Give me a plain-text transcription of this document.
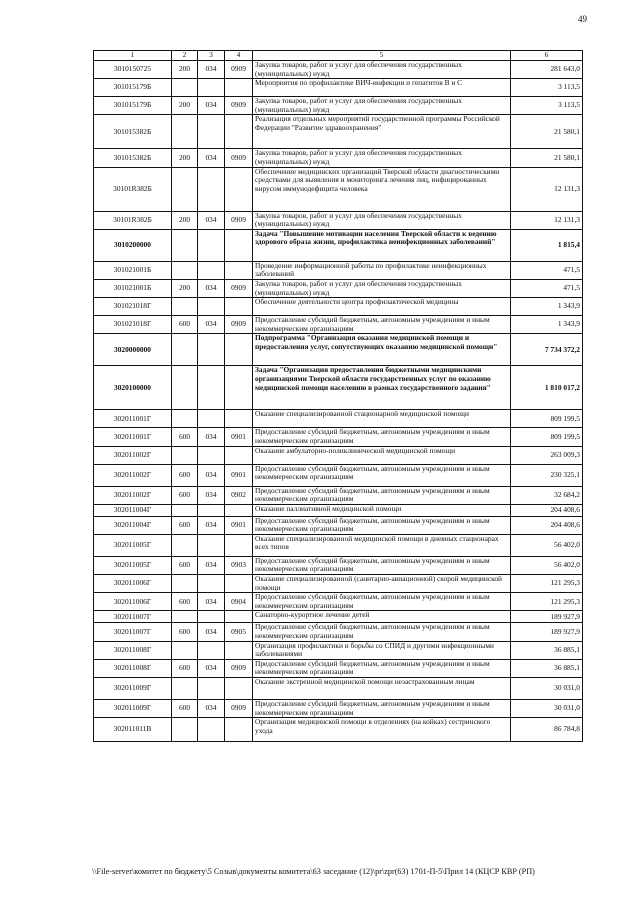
49
1	2	3	4	5	6
3010150725	200	034	0909	Закупка товаров, работ и услуг для обеспечения государственных (муниципальных) нужд	281 643,0
301015179Б				Мероприятия по профилактике ВИЧ-инфекции и гепатитов В и С	3 113,5
301015179Б	200	034	0909	Закупка товаров, работ и услуг для обеспечения государственных (муниципальных) нужд	3 113,5
301015382Б				Реализация отдельных мероприятий государственной программы Российской Федерации "Развитие здравоохранения"	21 580,1
301015382Б	200	034	0909	Закупка товаров, работ и услуг для обеспечения государственных (муниципальных) нужд	21 580,1
30101R382Б				Обеспечение медицинских организаций Тверской области диагностическими средствами для выявления и мониторинга лечения лиц, инфицированных вирусом иммунодефицита человека	12 131,3
30101R382Б	200	034	0909	Закупка товаров, работ и услуг для обеспечения государственных (муниципальных) нужд	12 131,3
3010200000				Задача "Повышение мотивации населения Тверской области к ведению здорового образа жизни, профилактика неинфекционных заболеваний"	1 815,4
301021001Б				Проведение информационной работы по профилактике неинфекционных заболеваний	471,5
301021001Б	200	034	0909	Закупка товаров, работ и услуг для обеспечения государственных (муниципальных) нужд	471,5
301021018Г				Обеспечение деятельности центра профилактической медицины	1 343,9
301021018Г	600	034	0909	Предоставление субсидий бюджетным, автономным учреждениям и иным некоммерческим организациям	1 343,9
3020000000				Подпрограмма "Организация оказания медицинской помощи и предоставления услуг, сопутствующих оказанию медицинской помощи"	7 734 372,2
3020100000				Задача "Организация предоставления бюджетными медицинскими организациями Тверской области государственных услуг по оказанию медицинской помощи населению в рамках государственного задания"	1 810 017,2
302011001Г				Оказание специализированной стационарной медицинской помощи	809 199,5
302011001Г	600	034	0901	Предоставление субсидий бюджетным, автономным учреждениям и иным некоммерческим организациям	809 199,5
302011002Г				Оказание амбулаторно-поликлинической медицинской помощи	263 009,3
302011002Г	600	034	0901	Предоставление субсидий бюджетным, автономным учреждениям и иным некоммерческим организациям	230 325,1
302011002Г	600	034	0902	Предоставление субсидий бюджетным, автономным учреждениям и иным некоммерческим организациям	32 684,2
302011004Г				Оказание паллиативной медицинской помощи	204 408,6
302011004Г	600	034	0901	Предоставление субсидий бюджетным, автономным учреждениям и иным некоммерческим организациям	204 408,6
302011005Г				Оказание специализированной медицинской помощи в дневных стационарах всех типов	56 402,0
302011005Г	600	034	0903	Предоставление субсидий бюджетным, автономным учреждениям и иным некоммерческим организациям	56 402,0
302011006Г				Оказание специализированной (санитарно-авиационной) скорой медицинской помощи	121 295,3
302011006Г	600	034	0904	Предоставление субсидий бюджетным, автономным учреждениям и иным некоммерческим организациям	121 295,3
302011007Г				Санаторно-курортное лечение детей	189 927,9
302011007Г	600	034	0905	Предоставление субсидий бюджетным, автономным учреждениям и иным некоммерческим организациям	189 927,9
302011008Г				Организация профилактики и борьбы со СПИД и другими инфекционными заболеваниями	36 885,1
302011008Г	600	034	0909	Предоставление субсидий бюджетным, автономным учреждениям и иным некоммерческим организациям	36 885,1
302011009Г				Оказание экстренной медицинской помощи незастрахованным лицам	30 031,0
302011009Г	600	034	0909	Предоставление субсидий бюджетным, автономным учреждениям и иным некоммерческим организациям	30 031,0
302011011В				Организация медицинской помощи в отделениях (на койках) сестринского ухода	86 784,8
\\File-server\комитет по бюджету\5 Созыв\документы комитета\63 заседание (12)\pr\zpr(63) 1701-П-5\Прил 14 (КЦСР КВР (РП)
